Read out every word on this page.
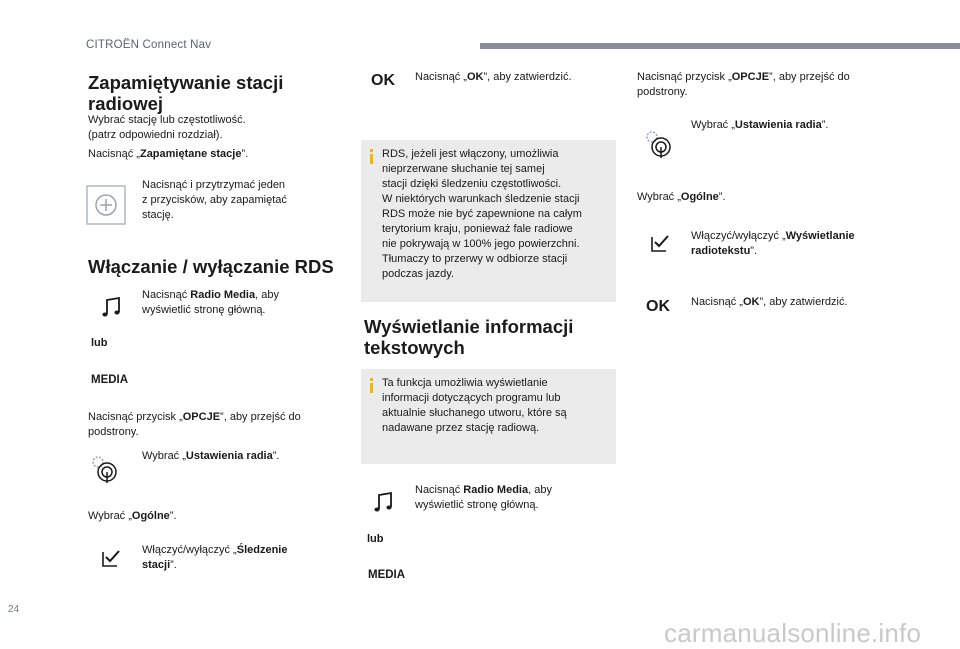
CITROËN Connect Nav
Zapamiętywanie stacji radiowej

Wybrać stację lub częstotliwość.

(patrz odpowiedni rozdział).

Nacisnąć „Zapamiętane stacje”.

Nacisnąć i przytrzymać jeden

z przycisków, aby zapamiętać

stację.

Włączanie / wyłączanie RDS

Nacisnąć Radio Media, aby

wyświetlić stronę główną.

lub
MEDIA

Nacisnąć przycisk „OPCJE”, aby przejść do

podstrony.

Wybrać „Ustawienia radia”.

Wybrać „Ogólne”.

Włączyć/wyłączyć „Śledzenie

stacji”.

OK Nacisnąć „OK”, aby zatwierdzić.

RDS, jeżeli jest włączony, umożliwia

nieprzerwane słuchanie tej samej

stacji dzięki śledzeniu częstotliwości.

W niektórych warunkach śledzenie stacji

RDS może nie być zapewnione na całym

terytorium kraju, ponieważ fale radiowe

nie pokrywają w 100% jego powierzchni.

Tłumaczy to przerwy w odbiorze stacji

podczas jazdy.

Wyświetlanie informacji tekstowych

Ta funkcja umożliwia wyświetlanie

informacji dotyczących programu lub

aktualnie słuchanego utworu, które są

nadawane przez stację radiową.

Nacisnąć Radio Media, aby

wyświetlić stronę główną.

lub
MEDIA

Nacisnąć przycisk „OPCJE”, aby przejść do

podstrony.

Wybrać „Ustawienia radia”.

Wybrać „Ogólne”.

Włączyć/wyłączyć „Wyświetlanie

radiotekstu”.

OK Nacisnąć „OK”, aby zatwierdzić.

24
carmanualsonline.info
